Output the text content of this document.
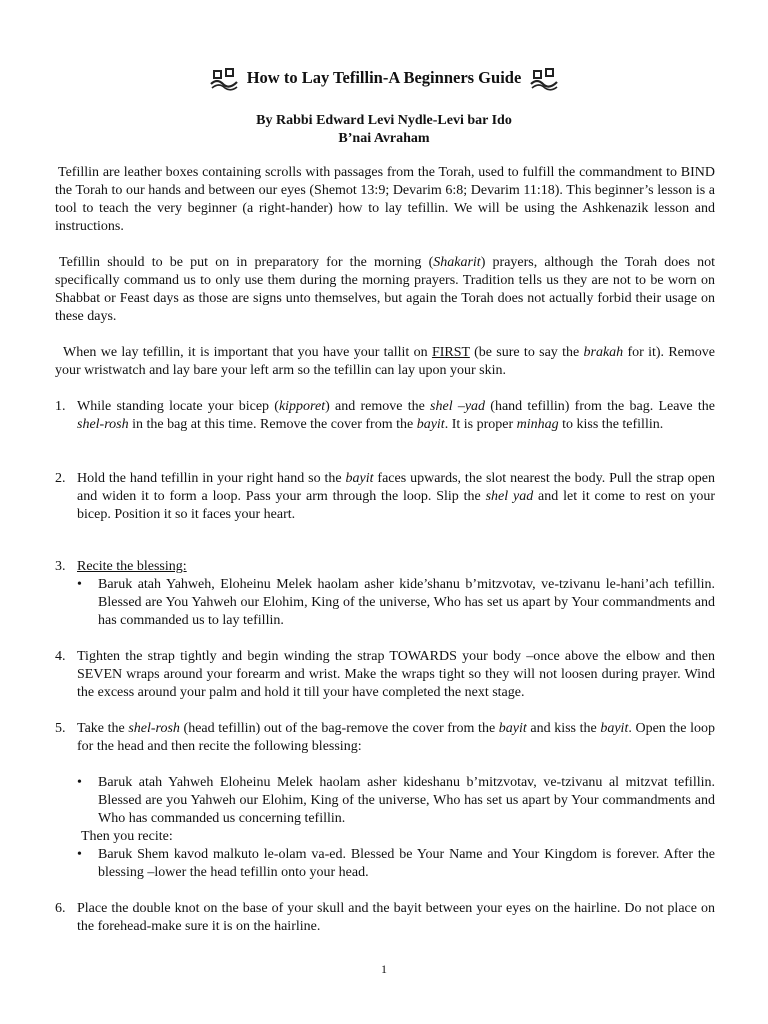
How to Lay Tefillin-A Beginners Guide
By Rabbi Edward Levi Nydle-Levi bar Ido
B’nai Avraham

Tefillin are leather boxes containing scrolls with passages from the Torah, used to fulfill the commandment to BIND the Torah to our hands and between our eyes (Shemot 13:9; Devarim 6:8; Devarim 11:18). This beginner’s lesson is a tool to teach the very beginner (a right-hander) how to lay tefillin. We will be using the Ashkenazik lesson and instructions.

Tefillin should to be put on in preparatory for the morning (Shakarit) prayers, although the Torah does not specifically command us to only use them during the morning prayers. Tradition tells us they are not to be worn on Shabbat or Feast days as those are signs unto themselves, but again the Torah does not actually forbid their usage on these days.

When we lay tefillin, it is important that you have your tallit on FIRST (be sure to say the brakah for it). Remove your wristwatch and lay bare your left arm so the tefillin can lay upon your skin.

1. While standing locate your bicep (kipporet) and remove the shel –yad (hand tefillin) from the bag. Leave the shel-rosh in the bag at this time. Remove the cover from the bayit. It is proper minhag to kiss the tefillin.
2. Hold the hand tefillin in your right hand so the bayit faces upwards, the slot nearest the body. Pull the strap open and widen it to form a loop. Pass your arm through the loop. Slip the shel yad and let it come to rest on your bicep. Position it so it faces your heart.
3. Recite the blessing:
• Baruk atah Yahweh, Eloheinu Melek haolam asher kide’shanu b’mitzvotav, ve-tzivanu le-hani’ach tefillin. Blessed are You Yahweh our Elohim, King of the universe, Who has set us apart by Your commandments and has commanded us to lay tefillin.
4. Tighten the strap tightly and begin winding the strap TOWARDS your body –once above the elbow and then SEVEN wraps around your forearm and wrist. Make the wraps tight so they will not loosen during prayer. Wind the excess around your palm and hold it till your have completed the next stage.
5. Take the shel-rosh (head tefillin) out of the bag-remove the cover from the bayit and kiss the bayit. Open the loop for the head and then recite the following blessing:
• Baruk atah Yahweh Eloheinu Melek haolam asher kideshanu b’mitzvotav, ve-tzivanu al mitzvat tefillin. Blessed are you Yahweh our Elohim, King of the universe, Who has set us apart by Your commandments and Who has commanded us concerning tefillin.
Then you recite:
• Baruk Shem kavod malkuto le-olam va-ed. Blessed be Your Name and Your Kingdom is forever. After the blessing –lower the head tefillin onto your head.
6. Place the double knot on the base of your skull and the bayit between your eyes on the hairline. Do not place on the forehead-make sure it is on the hairline.
1
